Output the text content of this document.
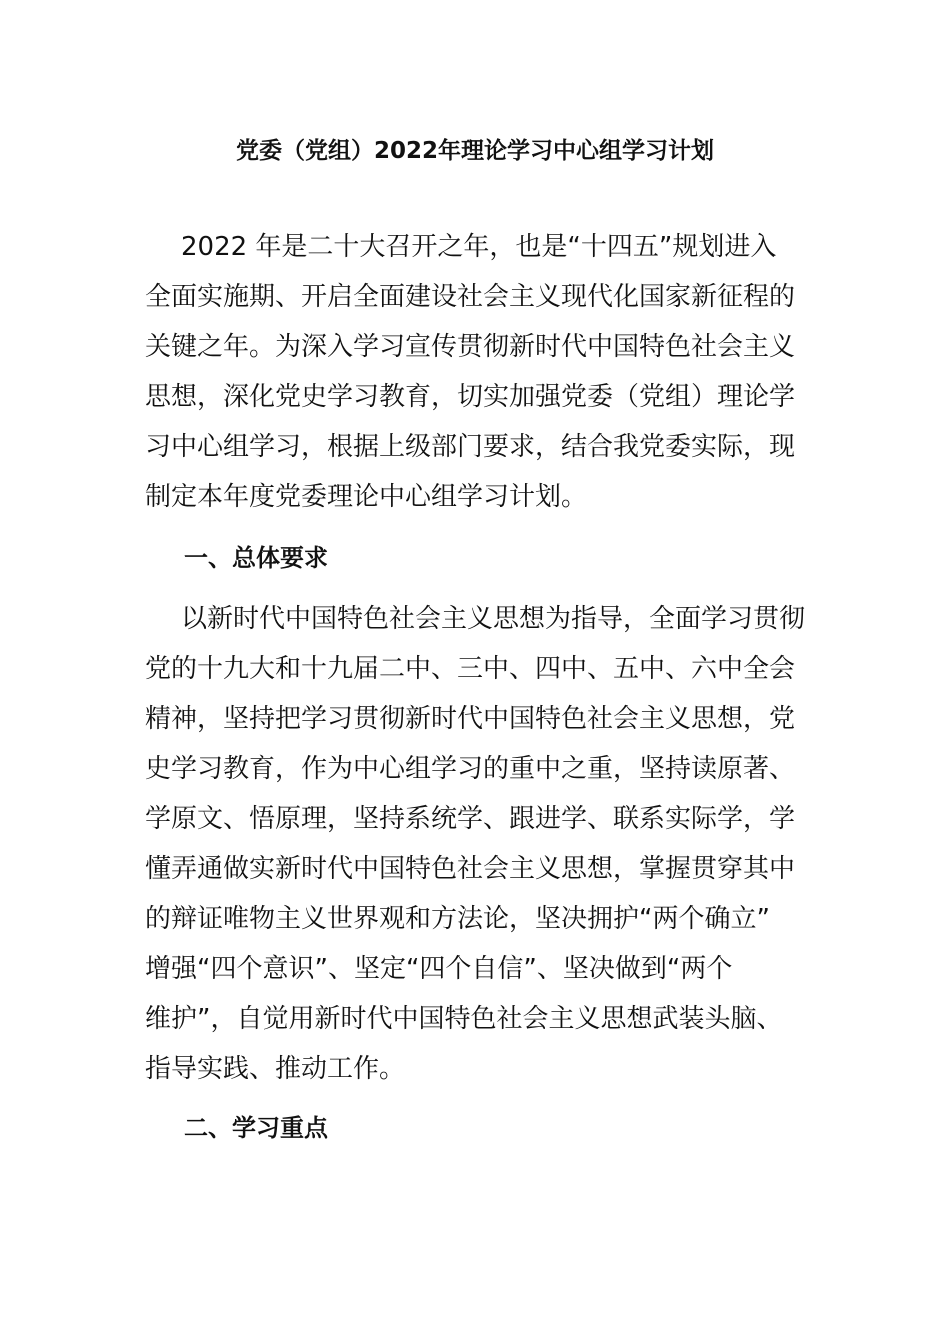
党委（党组）2022年理论学习中心组学习计划
2022 年是二十大召开之年，也是“十四五”规划进入
全面实施期、开启全面建设社会主义现代化国家新征程的
关键之年。为深入学习宣传贯彻新时代中国特色社会主义
思想，深化党史学习教育，切实加强党委（党组）理论学
习中心组学习，根据上级部门要求，结合我党委实际，现
制定本年度党委理论中心组学习计划。
一、总体要求
以新时代中国特色社会主义思想为指导，全面学习贯彻
党的十九大和十九届二中、三中、四中、五中、六中全会
精神，坚持把学习贯彻新时代中国特色社会主义思想，党
史学习教育，作为中心组学习的重中之重，坚持读原著、
学原文、悟原理，坚持系统学、跟进学、联系实际学，学
懂弄通做实新时代中国特色社会主义思想，掌握贯穿其中
的辩证唯物主义世界观和方法论，坚决拥护“两个确立”
增强“四个意识”、坚定“四个自信”、坚决做到“两个
维护”，自觉用新时代中国特色社会主义思想武装头脑、
指导实践、推动工作。
二、学习重点
